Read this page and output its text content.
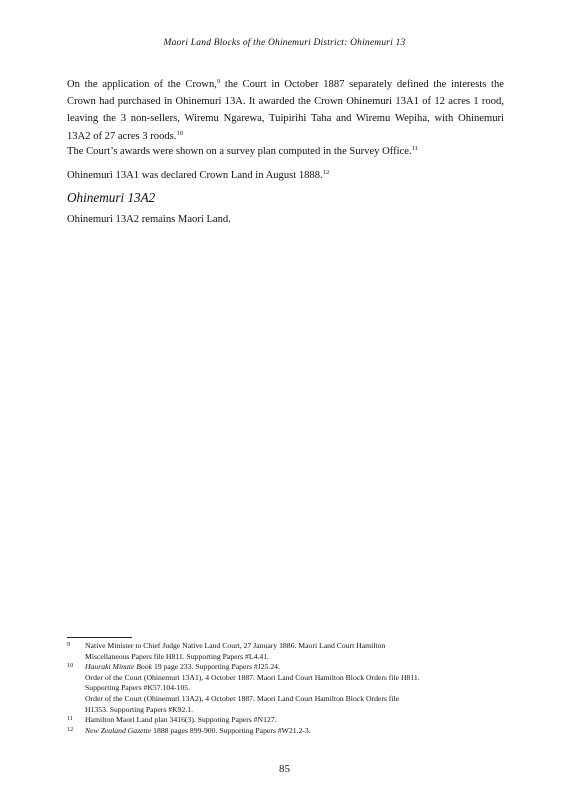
Maori Land Blocks of the Ohinemuri District: Ohinemuri 13

On the application of the Crown,$^9$ the Court in October 1887 separately defined the interests the Crown had purchased in Ohinemuri 13A. It awarded the Crown Ohinemuri 13A1 of 12 acres 1 rood, leaving the 3 non-sellers, Wiremu Ngarewa, Tuipirihi Taha and Wiremu Wepiha, with Ohinemuri 13A2 of 27 acres 3 roods.$^{10}$

The Court’s awards were shown on a survey plan computed in the Survey Office.$^{11}$

Ohinemuri 13A1 was declared Crown Land in August 1888.12

Ohinemuri 13A2

Ohinemuri 13A2 remains Maori Land.

9 Native Minister to Chief Judge Native Land Court, 27 January 1886. Maori Land Court Hamilton
Miscellaneous Papers file H811. Supporting Papers #L4.41.
10 Hauraki Minute Book 19 page 233. Supporting Papers #J25.24.
Order of the Court (Ohinemuri 13A1), 4 October 1887. Maori Land Court Hamilton Block Orders file H811.
Supporting Papers #K57.104-105.
Order of the Court (Ohinemuri 13A2), 4 October 1887. Maori Land Court Hamilton Block Orders file
H1353. Supporting Papers #K92.1.
11 Hamilton Maori Land plan 3416(3). Suppoting Papers #N127.
12 New Zealand Gazette 1888 pages 899-900. Supporting Papers #W21.2-3.
85
